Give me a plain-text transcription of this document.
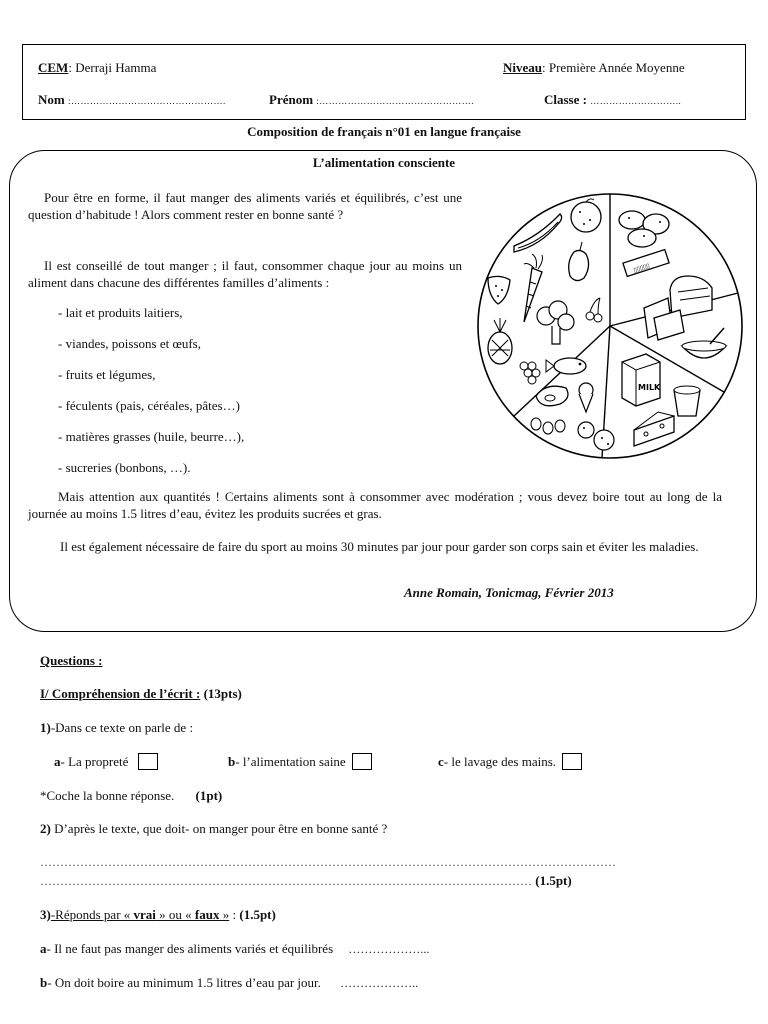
CEM: Derraji Hamma	Niveau: Première Année Moyenne
Nom :………………………………………….	Prénom :………………………………………….	Classe : ………………………..
Composition de français n°01 en langue française
L’alimentation consciente
Pour être en forme, il faut manger des aliments variés et équilibrés, c’est une question d’habitude ! Alors comment rester en bonne santé ?
Il est conseillé de tout manger ; il faut, consommer chaque jour au moins un aliment dans chacune des différentes familles d’aliments :
- lait et produits laitiers,
- viandes, poissons et œufs,
- fruits et légumes,
- féculents (pais, céréales, pâtes…)
- matières grasses (huile, beurre…),
- sucreries (bonbons, …).
Mais attention aux quantités ! Certains aliments sont à consommer avec modération ; vous devez boire tout au long de la journée au moins 1.5 litres d’eau, évitez les produits sucrées et gras.
Il est également nécessaire de faire du sport au moins 30 minutes par jour pour garder son corps sain et éviter les maladies.
Anne Romain, Tonicmag, Février 2013
▯▯▯▯▯
MILK
Questions :
I/ Compréhension de l’écrit : (13pts)
1)-Dans ce texte on parle de :
a- La propreté	b- l’alimentation saine	c- le lavage des mains.
*Coche la bonne réponse. (1pt)
2) D’après le texte, que doit- on manger pour être en bonne santé ?
………………………………………………………………………………………………………………………………
…………………………………………………………………………………………………………… (1.5pt)
3)-Réponds par « vrai » ou « faux » : (1.5pt)
a- Il ne faut pas manger des aliments variés et équilibrés ………………...
b- On doit boire au minimum 1.5 litres d’eau par jour. ………………..
